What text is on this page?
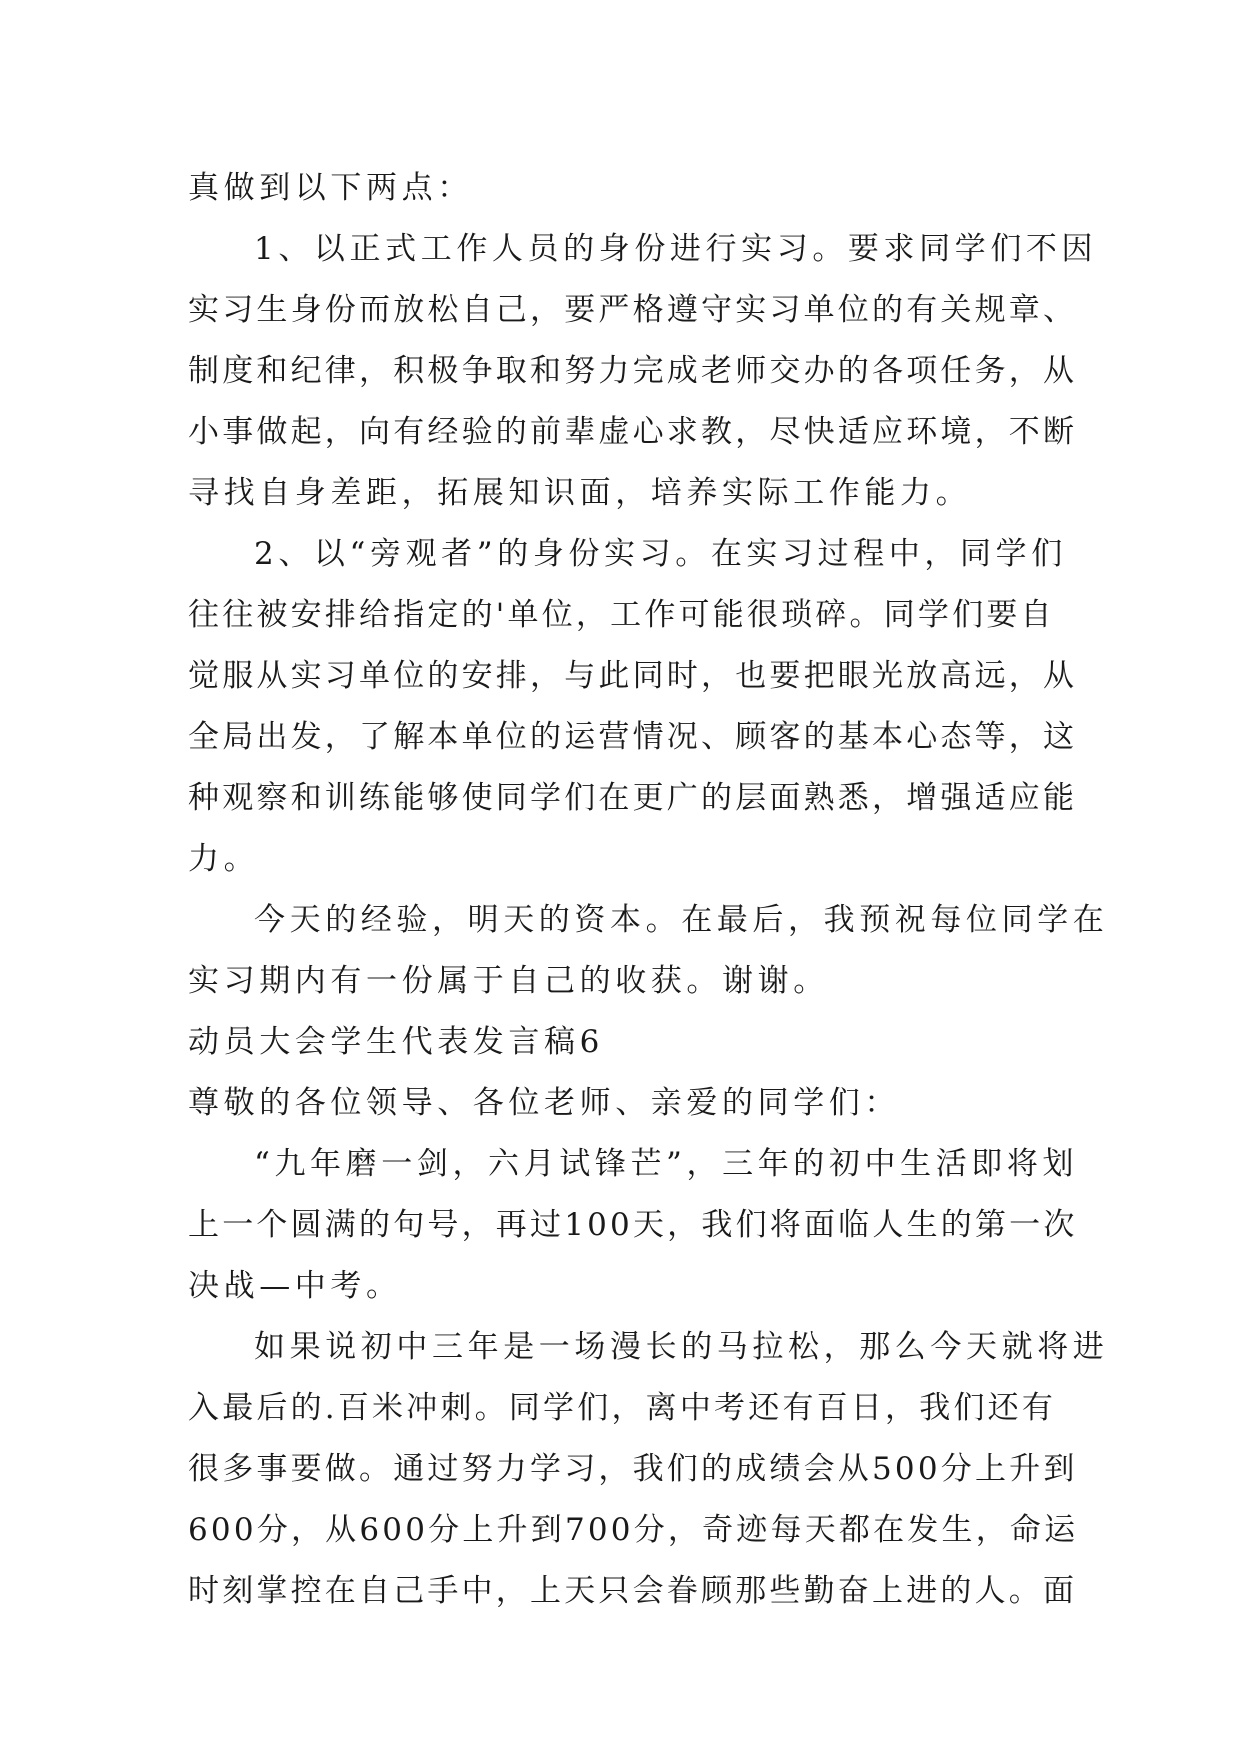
真做到以下两点：
1、以正式工作人员的身份进行实习。要求同学们不因
实习生身份而放松自己，要严格遵守实习单位的有关规章、
制度和纪律，积极争取和努力完成老师交办的各项任务，从
小事做起，向有经验的前辈虚心求教，尽快适应环境，不断
寻找自身差距，拓展知识面，培养实际工作能力。
2、以“旁观者”的身份实习。在实习过程中，同学们
往往被安排给指定的'单位，工作可能很琐碎。同学们要自
觉服从实习单位的安排，与此同时，也要把眼光放高远，从
全局出发，了解本单位的运营情况、顾客的基本心态等，这
种观察和训练能够使同学们在更广的层面熟悉，增强适应能
力。
今天的经验，明天的资本。在最后，我预祝每位同学在
实习期内有一份属于自己的收获。谢谢。
动员大会学生代表发言稿6
尊敬的各位领导、各位老师、亲爱的同学们：
“九年磨一剑，六月试锋芒”，三年的初中生活即将划
上一个圆满的句号，再过100天，我们将面临人生的第一次
决战—中考。
如果说初中三年是一场漫长的马拉松，那么今天就将进
入最后的.百米冲刺。同学们，离中考还有百日，我们还有
很多事要做。通过努力学习，我们的成绩会从500分上升到
600分，从600分上升到700分，奇迹每天都在发生，命运
时刻掌控在自己手中，上天只会眷顾那些勤奋上进的人。面
